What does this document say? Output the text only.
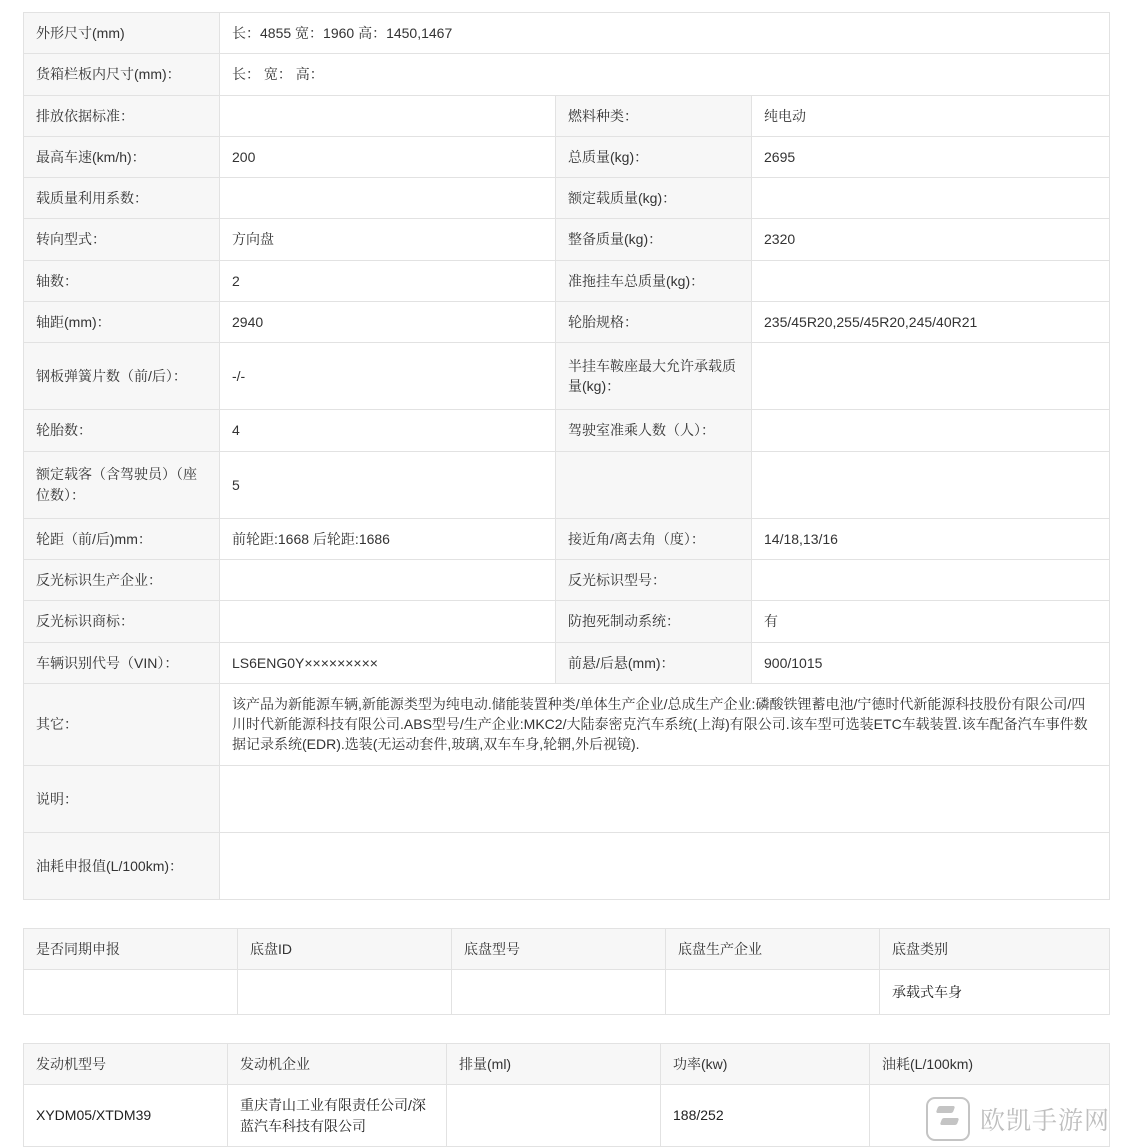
外形尺寸(mm)	长：4855 宽：1960 高：1450,1467		
货箱栏板内尺寸(mm)：	长： 宽： 高：		
排放依据标准：		燃料种类：	纯电动
最高车速(km/h)：	200	总质量(kg)：	2695
载质量利用系数：		额定载质量(kg)：	
转向型式：	方向盘	整备质量(kg)：	2320
轴数：	2	准拖挂车总质量(kg)：	
轴距(mm)：	2940	轮胎规格：	235/45R20,255/45R20,245/40R21
钢板弹簧片数（前/后）：	-/-	半挂车鞍座最大允许承载质量(kg)：	
轮胎数：	4	驾驶室准乘人数（人）：	
额定载客（含驾驶员）（座位数）：	5		
轮距（前/后)mm：	前轮距:1668 后轮距:1686	接近角/离去角（度）：	14/18,13/16
反光标识生产企业：		反光标识型号：	
反光标识商标：		防抱死制动系统：	有
车辆识别代号（VIN）：	LS6ENG0Y×××××××××	前悬/后悬(mm)：	900/1015
其它：	该产品为新能源车辆,新能源类型为纯电动.储能装置种类/单体生产企业/总成生产企业:磷酸铁锂蓄电池/宁德时代新能源科技股份有限公司/四川时代新能源科技有限公司.ABS型号/生产企业:MKC2/大陆泰密克汽车系统(上海)有限公司.该车型可选装ETC车载装置.该车配备汽车事件数据记录系统(EDR).选装(无运动套件,玻璃,双车车身,轮辋,外后视镜).		
说明：			
油耗申报值(L/100km)：			
是否同期申报	底盘ID	底盘型号	底盘生产企业	底盘类别
				承载式车身
发动机型号	发动机企业	排量(ml)	功率(kw)	油耗(L/100km)
XYDM05/XTDM39	重庆青山工业有限责任公司/深蓝汽车科技有限公司		188/252		欧凯手游网
